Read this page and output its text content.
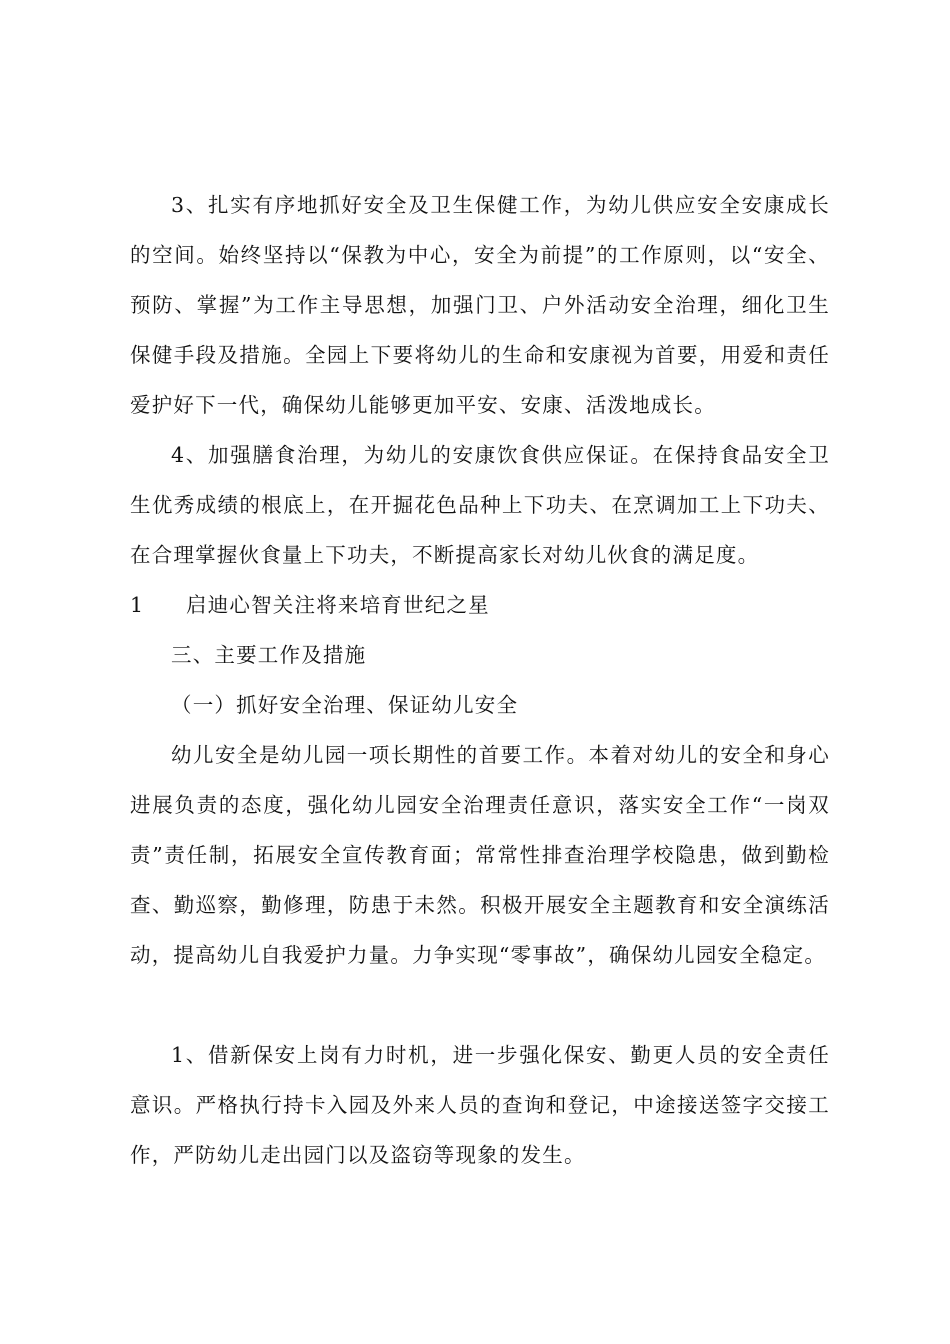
3、扎实有序地抓好安全及卫生保健工作，为幼儿供应安全安康成长的空间。始终坚持以“保教为中心，安全为前提”的工作原则，以“安全、预防、掌握”为工作主导思想，加强门卫、户外活动安全治理，细化卫生保健手段及措施。全园上下要将幼儿的生命和安康视为首要，用爱和责任爱护好下一代，确保幼儿能够更加平安、安康、活泼地成长。

4、加强膳食治理，为幼儿的安康饮食供应保证。在保持食品安全卫生优秀成绩的根底上，在开掘花色品种上下功夫、在烹调加工上下功夫、在合理掌握伙食量上下功夫，不断提高家长对幼儿伙食的满足度。

1 启迪心智关注将来培育世纪之星
三、主要工作及措施
（一）抓好安全治理、保证幼儿安全

幼儿安全是幼儿园一项长期性的首要工作。本着对幼儿的安全和身心进展负责的态度，强化幼儿园安全治理责任意识，落实安全工作“一岗双责”责任制，拓展安全宣传教育面；常常性排查治理学校隐患，做到勤检查、勤巡察，勤修理，防患于未然。积极开展安全主题教育和安全演练活动，提高幼儿自我爱护力量。力争实现“零事故”，确保幼儿园安全稳定。

1、借新保安上岗有力时机，进一步强化保安、勤更人员的安全责任意识。严格执行持卡入园及外来人员的查询和登记，中途接送签字交接工作，严防幼儿走出园门以及盗窃等现象的发生。
